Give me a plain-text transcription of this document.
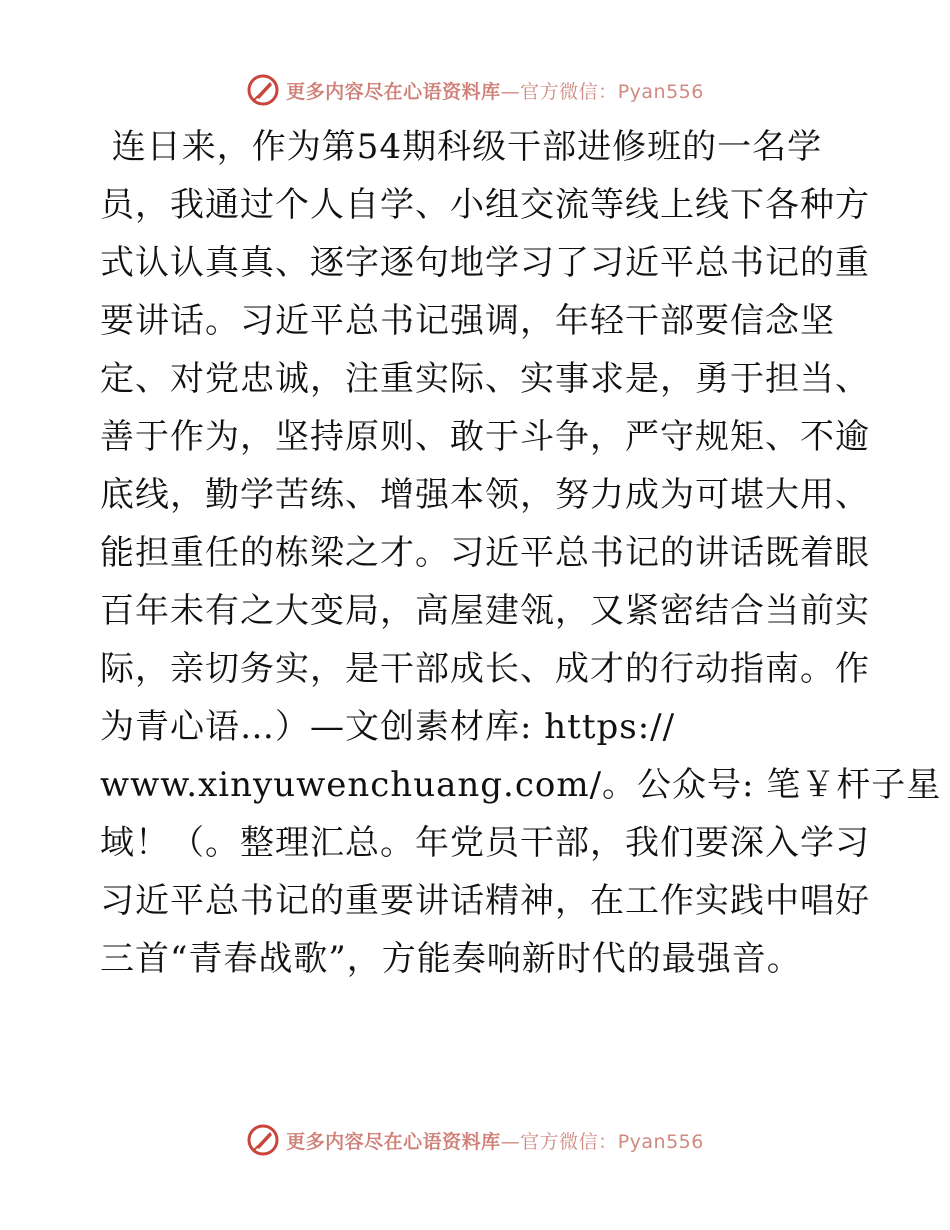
更多内容尽在心语资料库—官方微信：Pyan556
连日来，作为第54期科级干部进修班的一名学
员，我通过个人自学、小组交流等线上线下各种方
式认认真真、逐字逐句地学习了习近平总书记的重
要讲话。习近平总书记强调，年轻干部要信念坚
定、对党忠诚，注重实际、实事求是，勇于担当、
善于作为，坚持原则、敢于斗争，严守规矩、不逾
底线，勤学苦练、增强本领，努力成为可堪大用、
能担重任的栋梁之才。习近平总书记的讲话既着眼
百年未有之大变局，高屋建瓴，又紧密结合当前实
际，亲切务实，是干部成长、成才的行动指南。作
为青心语…）—文创素材库: https://
www.xinyuwenchuang.com/。公众号: 笔￥杆子星
域！（。整理汇总。年党员干部，我们要深入学习
习近平总书记的重要讲话精神，在工作实践中唱好
三首“青春战歌”，方能奏响新时代的最强音。
更多内容尽在心语资料库—官方微信：Pyan556
